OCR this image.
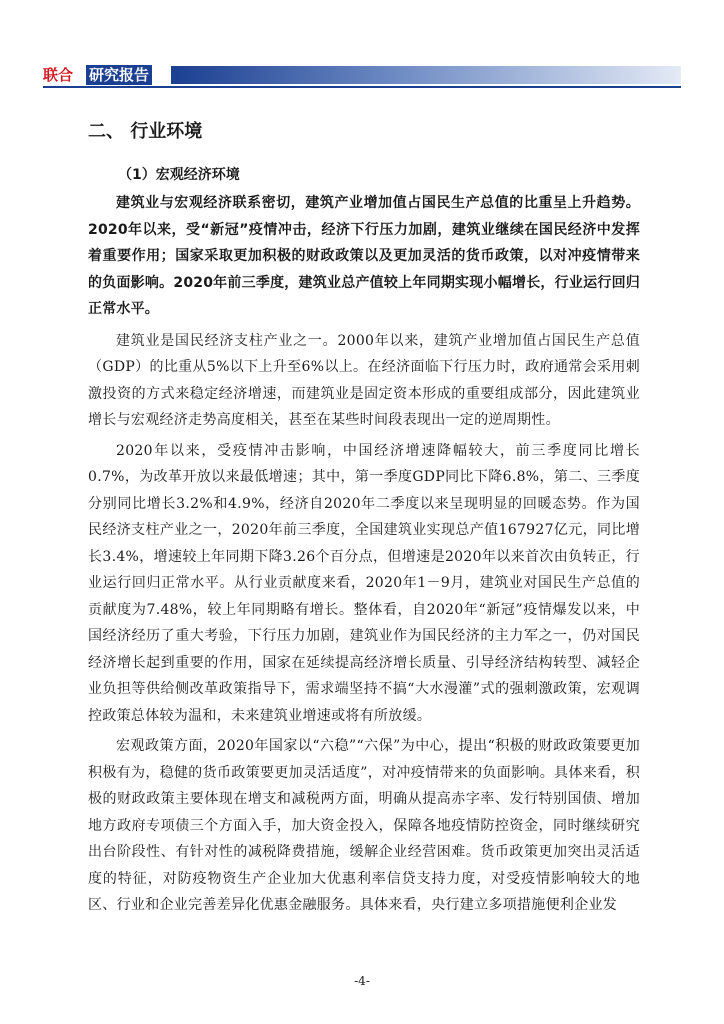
联合 研究报告
二、 行业环境
（1）宏观经济环境

建筑业与宏观经济联系密切，建筑产业增加值占国民生产总值的比重呈上升趋势。2020年以来，受“新冠”疫情冲击，经济下行压力加剧，建筑业继续在国民经济中发挥着重要作用；国家采取更加积极的财政政策以及更加灵活的货币政策，以对冲疫情带来的负面影响。2020年前三季度，建筑业总产值较上年同期实现小幅增长，行业运行回归正常水平。

建筑业是国民经济支柱产业之一。2000年以来，建筑产业增加值占国民生产总值（GDP）的比重从5%以下上升至6%以上。在经济面临下行压力时，政府通常会采用刺激投资的方式来稳定经济增速，而建筑业是固定资本形成的重要组成部分，因此建筑业增长与宏观经济走势高度相关，甚至在某些时间段表现出一定的逆周期性。

2020年以来，受疫情冲击影响，中国经济增速降幅较大，前三季度同比增长0.7%，为改革开放以来最低增速；其中，第一季度GDP同比下降6.8%，第二、三季度分别同比增长3.2%和4.9%，经济自2020年二季度以来呈现明显的回暖态势。作为国民经济支柱产业之一，2020年前三季度，全国建筑业实现总产值167927亿元，同比增长3.4%，增速较上年同期下降3.26个百分点，但增速是2020年以来首次由负转正，行业运行回归正常水平。从行业贡献度来看，2020年1－9月，建筑业对国民生产总值的贡献度为7.48%，较上年同期略有增长。整体看，自2020年“新冠”疫情爆发以来，中国经济经历了重大考验，下行压力加剧，建筑业作为国民经济的主力军之一，仍对国民经济增长起到重要的作用，国家在延续提高经济增长质量、引导经济结构转型、减轻企业负担等供给侧改革政策指导下，需求端坚持不搞“大水漫灌”式的强刺激政策，宏观调控政策总体较为温和，未来建筑业增速或将有所放缓。

宏观政策方面，2020年国家以“六稳”“六保”为中心，提出“积极的财政政策要更加积极有为，稳健的货币政策要更加灵活适度”，对冲疫情带来的负面影响。具体来看，积极的财政政策主要体现在增支和减税两方面，明确从提高赤字率、发行特别国债、增加地方政府专项债三个方面入手，加大资金投入，保障各地疫情防控资金，同时继续研究出台阶段性、有针对性的减税降费措施，缓解企业经营困难。货币政策更加突出灵活适度的特征，对防疫物资生产企业加大优惠利率信贷支持力度，对受疫情影响较大的地区、行业和企业完善差异化优惠金融服务。具体来看，央行建立多项措施便利企业发

-4-
